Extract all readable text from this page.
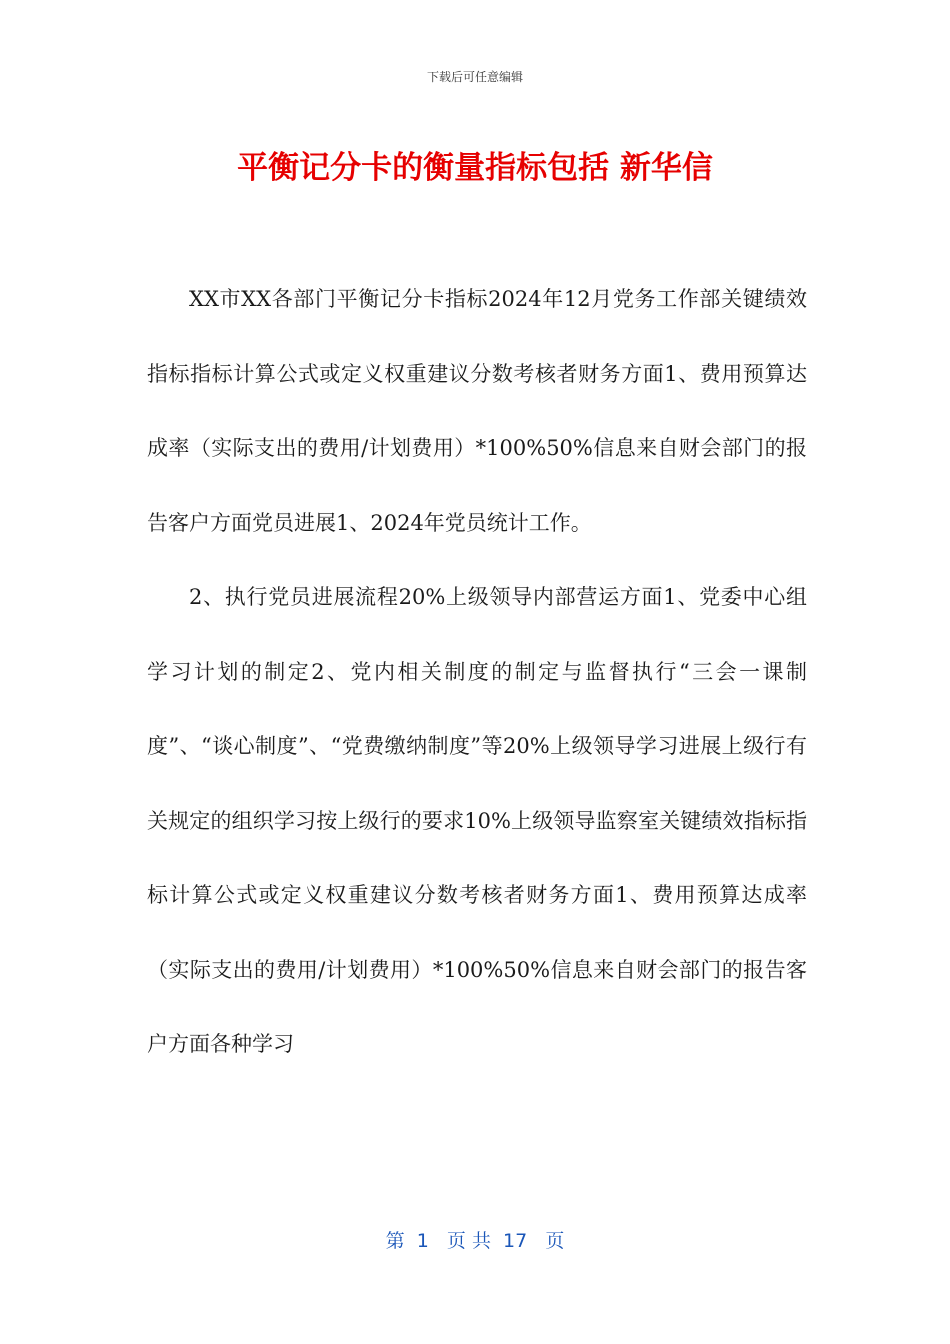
下载后可任意编辑
平衡记分卡的衡量指标包括 新华信

XX市XX各部门平衡记分卡指标2024年12月党务工作部关键绩效指标指标计算公式或定义权重建议分数考核者财务方面1、费用预算达成率（实际支出的费用/计划费用）*100%50%信息来自财会部门的报告客户方面党员进展1、2024年党员统计工作。

2、执行党员进展流程20%上级领导内部营运方面1、党委中心组学习计划的制定2、党内相关制度的制定与监督执行“三会一课制度”、“谈心制度”、“党费缴纳制度”等20%上级领导学习进展上级行有关规定的组织学习按上级行的要求10%上级领导监察室关键绩效指标指标计算公式或定义权重建议分数考核者财务方面1、费用预算达成率（实际支出的费用/计划费用）*100%50%信息来自财会部门的报告客户方面各种学习

第  1   页 共  17   页
